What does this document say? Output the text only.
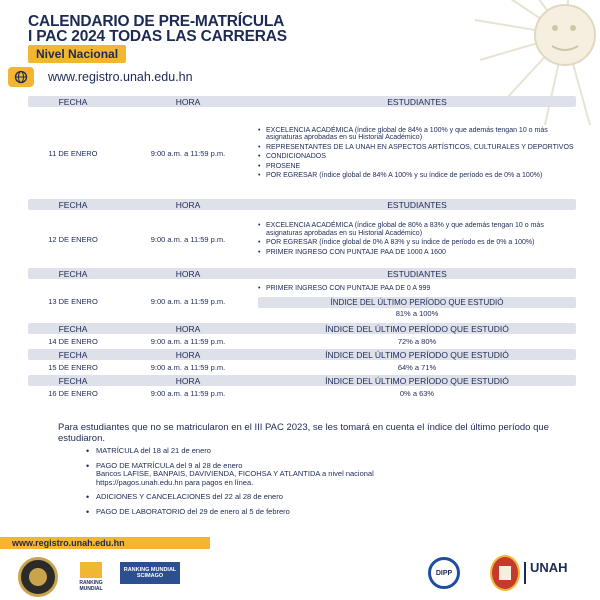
CALENDARIO DE PRE-MATRÍCULA
I PAC 2024 TODAS LAS CARRERAS
Nivel Nacional
www.registro.unah.edu.hn
FECHA	HORA	ESTUDIANTES
11 DE ENERO	9:00 a.m. a 11:59 p.m.
• EXCELENCIA ACADÉMICA (índice global de 84% a 100% y que además tengan 10 o más asignaturas aprobadas en su Historial Académico)
• REPRESENTANTES DE LA UNAH EN ASPECTOS ARTÍSTICOS, CULTURALES Y DEPORTIVOS
• CONDICIONADOS
• PROSENE
• POR EGRESAR (índice global de 84% A 100% y su índice de período es de 0% a 100%)
FECHA	HORA	ESTUDIANTES
12 DE ENERO	9:00 a.m. a 11:59 p.m.
• EXCELENCIA ACADÉMICA (índice global de 80% a 83% y que además tengan 10 o más asignaturas aprobadas en su Historial Académico)
• POR EGRESAR (índice global de 0% A 83% y su índice de período es de 0% a 100%)
• PRIMER INGRESO CON PUNTAJE PAA DE 1000 A 1600
FECHA	HORA	ESTUDIANTES
13 DE ENERO	9:00 a.m. a 11:59 p.m.
• PRIMER INGRESO CON PUNTAJE PAA DE 0 A 999
ÍNDICE DEL ÚLTIMO PERÍODO QUE ESTUDIÓ
81% a 100%
FECHA	HORA	ÍNDICE DEL ÚLTIMO PERÍODO QUE ESTUDIÓ
14 DE ENERO	9:00 a.m. a 11:59 p.m.	72% a 80%
FECHA	HORA	ÍNDICE DEL ÚLTIMO PERÍODO QUE ESTUDIÓ
15 DE ENERO	9:00 a.m. a 11:59 p.m.	64% a 71%
FECHA	HORA	ÍNDICE DEL ÚLTIMO PERÍODO QUE ESTUDIÓ
16 DE ENERO	9:00 a.m. a 11:59 p.m.	0% a 63%
Para estudiantes que no se matricularon en el III PAC 2023, se les tomará en cuenta el índice del último período que estudiaron.
• MATRÍCULA del 18 al 21 de enero
• PAGO DE MATRÍCULA del 9 al 28 de enero
Bancos LAFISE, BANPAIS, DAVIVIENDA, FICOHSA Y ATLANTIDA a nivel nacional
https://pagos.unah.edu.hn para pagos en línea.
• ADICIONES Y CANCELACIONES del 22 al 28 de enero
• PAGO DE LABORATORIO del 29 de enero al 5 de febrero
www.registro.unah.edu.hn
RANKING MUNDIAL
RANKING MUNDIAL SCIMAGO	DIPP	UNAH
